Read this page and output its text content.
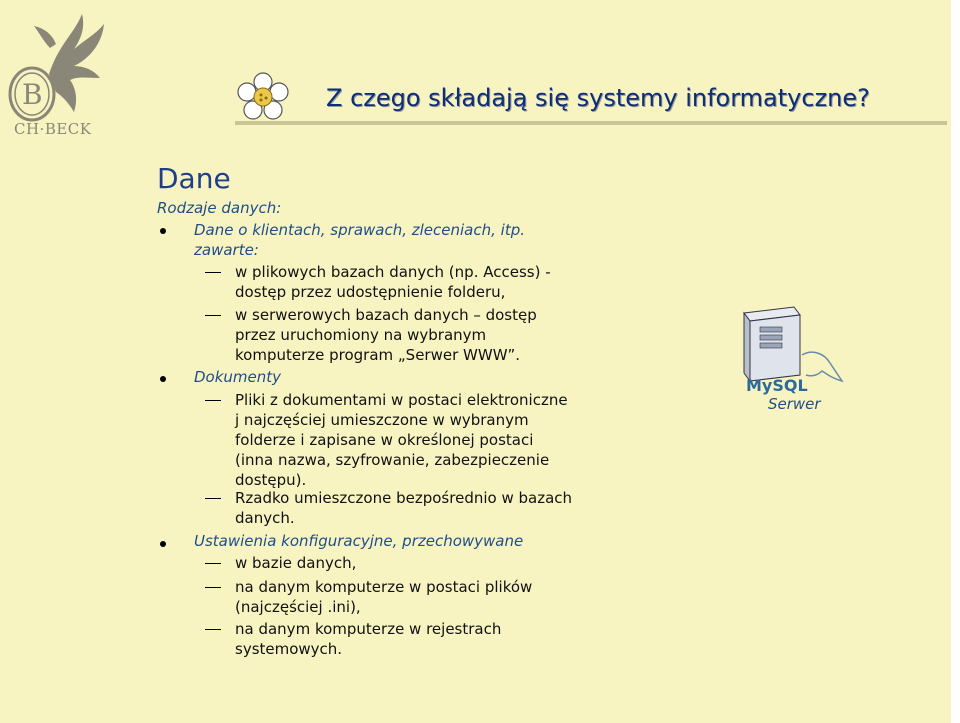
B
CH·BECK
Z czego składają się systemy informatyczne?
Dane
Rodzaje danych:
Dane o klientach, sprawach, zleceniach, itp. zawarte:
w plikowych bazach danych (np. Access) -
dostęp przez udostępnienie folderu,
w serwerowych bazach danych – dostęp
przez uruchomiony na wybranym
komputerze program „Serwer WWW”.
Dokumenty
Pliki z dokumentami w postaci elektroniczne
j najczęściej umieszczone w wybranym
folderze i zapisane w określonej postaci
(inna nazwa, szyfrowanie, zabezpieczenie
dostępu).
Rzadko umieszczone bezpośrednio w bazach
danych.
Ustawienia konfiguracyjne, przechowywane
w bazie danych,
na danym komputerze w postaci plików
(najczęściej .ini),
na danym komputerze w rejestrach
systemowych.
MySQL
Serwer
